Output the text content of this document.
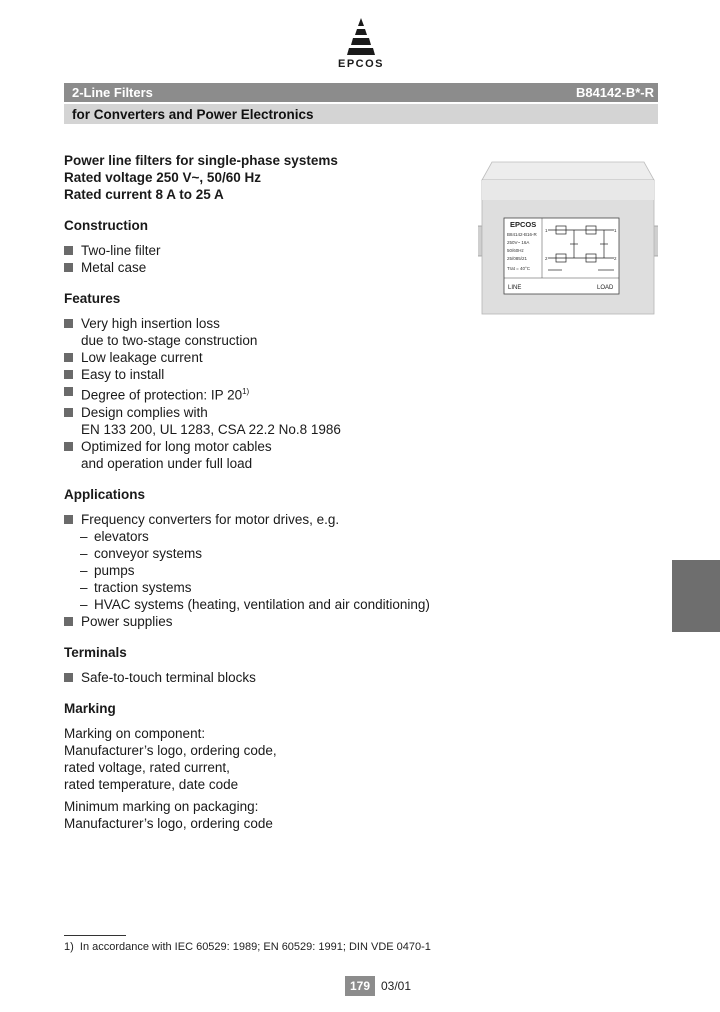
EPCOS
2-Line Filters	B84142-B*-R
for Converters and Power Electronics
EPCOS
B84142-B16-R
250V~ 16A
50/60Hz
25/085/21
Trat = 40°C
1
2
1
2
LINE	LOAD
Power line filters for single-phase systems
Rated voltage 250 V~, 50/60 Hz
Rated current 8 A to 25 A
Construction
Two-line filter
Metal case
Features
Very high insertion loss
due to two-stage construction
Low leakage current
Easy to install
Degree of protection: IP 20$^{1)}$
Design complies with
EN 133 200, UL 1283, CSA 22.2 No.8 1986
Optimized for long motor cables
and operation under full load
Applications
Frequency converters for motor drives, e.g.
– elevators
– conveyor systems
– pumps
– traction systems
– HVAC systems (heating, ventilation and air conditioning)
Power supplies
Terminals
Safe-to-touch terminal blocks
Marking
Marking on component:
Manufacturer’s logo, ordering code,
rated voltage, rated current,
rated temperature, date code
Minimum marking on packaging:
Manufacturer’s logo, ordering code
1) In accordance with IEC 60529: 1989; EN 60529: 1991; DIN VDE 0470-1
179 03/01
